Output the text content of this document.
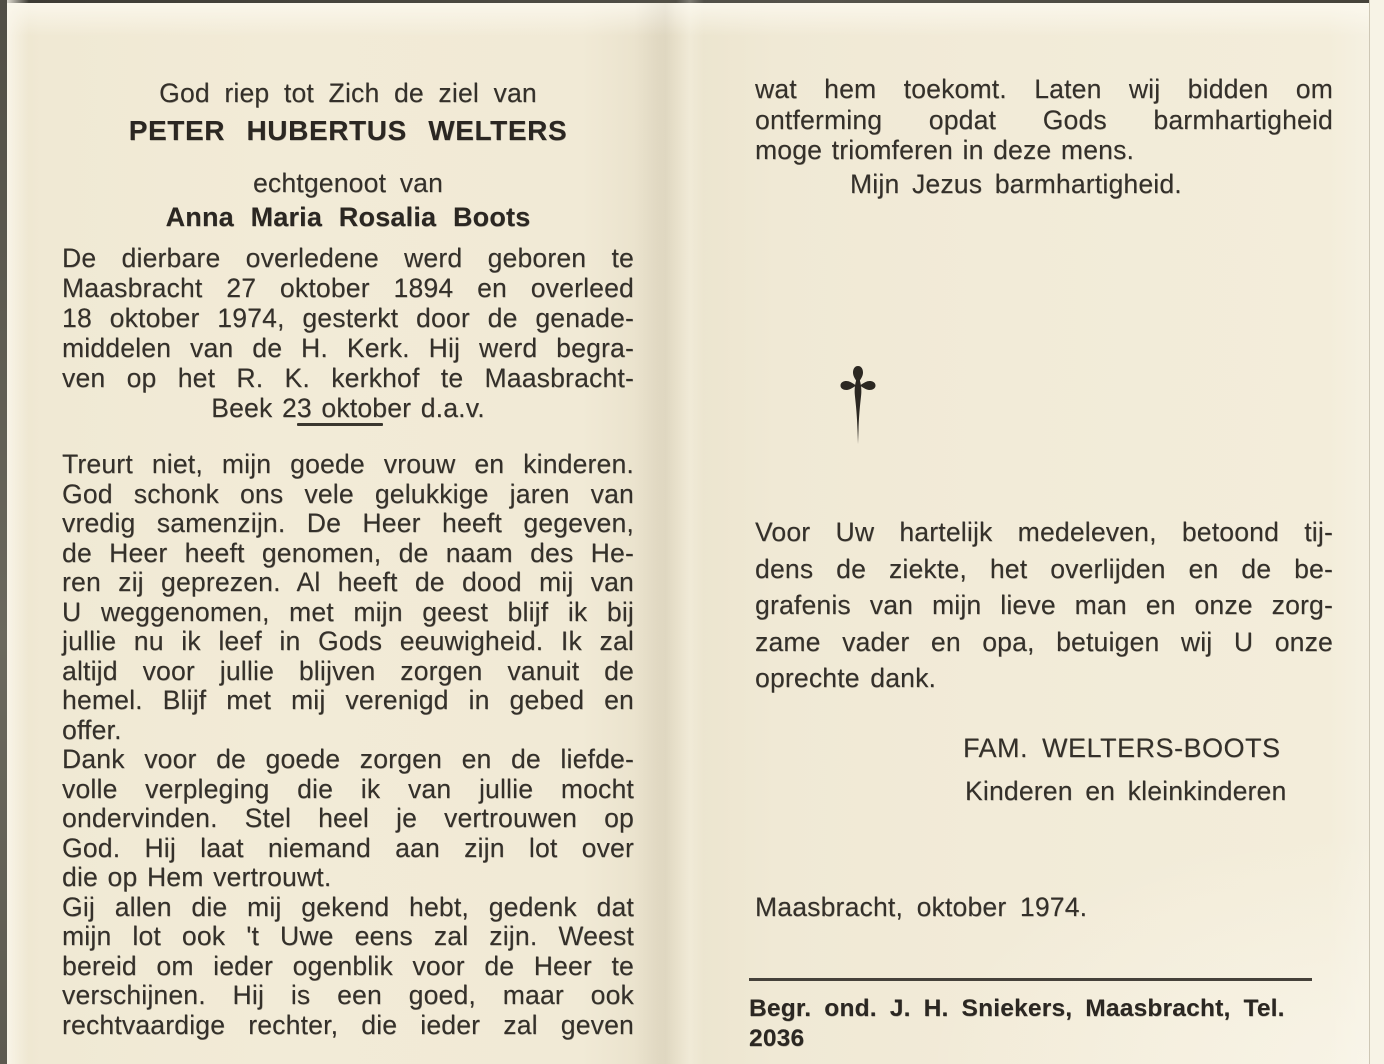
God riep tot Zich de ziel van
PETER HUBERTUS WELTERS
echtgenoot van
Anna Maria Rosalia Boots
De dierbare overledene werd geboren te
Maasbracht 27 oktober 1894 en overleed
18 oktober 1974, gesterkt door de genade-
middelen van de H. Kerk. Hij werd begra-
ven op het R. K. kerkhof te Maasbracht-
Beek 23 oktober d.a.v.
Treurt niet, mijn goede vrouw en kinderen.
God schonk ons vele gelukkige jaren van
vredig samenzijn. De Heer heeft gegeven,
de Heer heeft genomen, de naam des He-
ren zij geprezen. Al heeft de dood mij van
U weggenomen, met mijn geest blijf ik bij
jullie nu ik leef in Gods eeuwigheid. Ik zal
altijd voor jullie blijven zorgen vanuit de
hemel. Blijf met mij verenigd in gebed en
offer.
Dank voor de goede zorgen en de liefde-
volle verpleging die ik van jullie mocht
ondervinden. Stel heel je vertrouwen op
God. Hij laat niemand aan zijn lot over
die op Hem vertrouwt.
Gij allen die mij gekend hebt, gedenk dat
mijn lot ook 't Uwe eens zal zijn. Weest
bereid om ieder ogenblik voor de Heer te
verschijnen. Hij is een goed, maar ook
rechtvaardige rechter, die ieder zal geven
wat hem toekomt. Laten wij bidden om
ontferming opdat Gods barmhartigheid
moge triomferen in deze mens.
Mijn Jezus barmhartigheid.
Voor Uw hartelijk medeleven, betoond tij-
dens de ziekte, het overlijden en de be-
grafenis van mijn lieve man en onze zorg-
zame vader en opa, betuigen wij U onze
oprechte dank.
FAM. WELTERS-BOOTS
Kinderen en kleinkinderen
Maasbracht, oktober 1974.
Begr. ond. J. H. Sniekers, Maasbracht, Tel. 2036
